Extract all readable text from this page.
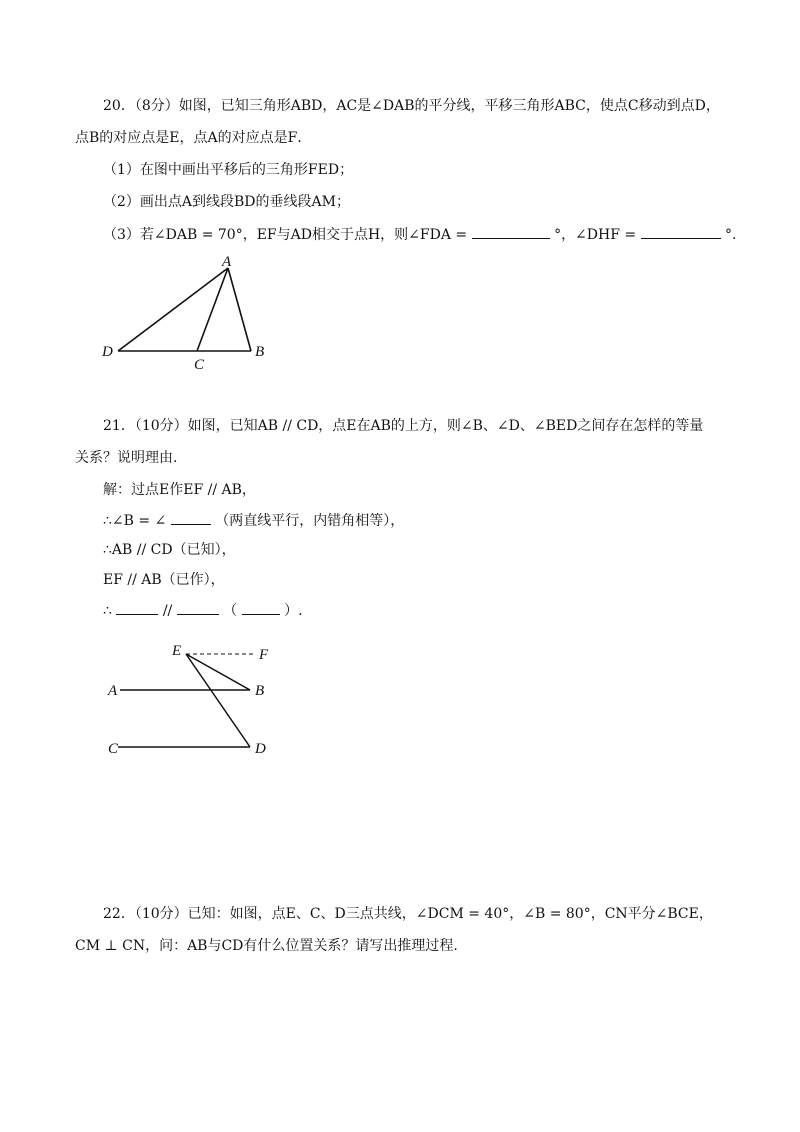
20．（8分）如图，已知三角形ABD，AC是∠DAB的平分线，平移三角形ABC，使点C移动到点D，
点B的对应点是E，点A的对应点是F．
（1）在图中画出平移后的三角形FED；
（2）画出点A到线段BD的垂线段AM；
（3）若∠DAB = 70°，EF与AD相交于点H，则∠FDA =	°，∠DHF =	°.
A
D
C
B
21．（10分）如图，已知AB // CD，点E在AB的上方，则∠B、∠D、∠BED之间存在怎样的等量
关系？说明理由.
解：过点E作EF // AB，
∴∠B = ∠	（两直线平行，内错角相等），
∴AB // CD（已知），
EF // AB（已作），
∴	//	（	）.
E	F
A	B
C	D
22．（10分）已知：如图，点E、C、D三点共线，∠DCM = 40°，∠B = 80°，CN平分∠BCE，
CM ⊥ CN，问：AB与CD有什么位置关系？请写出推理过程.
